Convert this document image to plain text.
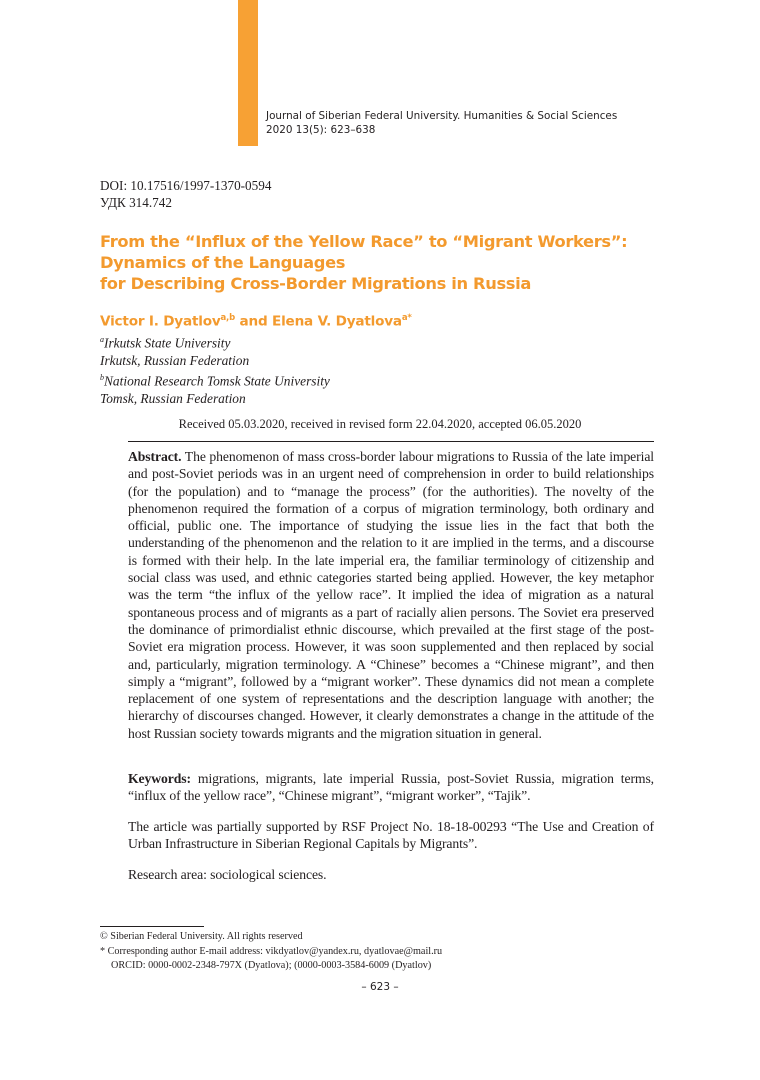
Journal of Siberian Federal University. Humanities & Social Sciences
2020 13(5): 623–638
DOI: 10.17516/1997-1370-0594
УДК 314.742
From the “Influx of the Yellow Race” to “Migrant Workers”:
Dynamics of the Languages
for Describing Cross-Border Migrations in Russia
Victor I. Dyatlov$^{a,b}$ and Elena V. Dyatlova$^{a*}$
$^a$Irkutsk State University
Irkutsk, Russian Federation
$^b$National Research Tomsk State University
Tomsk, Russian Federation
Received 05.03.2020, received in revised form 22.04.2020, accepted 06.05.2020

Abstract. The phenomenon of mass cross-border labour migrations to Russia of the late imperial and post-Soviet periods was in an urgent need of comprehension in order to build relationships (for the population) and to “manage the process” (for the authorities). The novelty of the phenomenon required the formation of a corpus of migration terminology, both ordinary and official, public one. The importance of studying the issue lies in the fact that both the understanding of the phenomenon and the relation to it are implied in the terms, and a discourse is formed with their help. In the late imperial era, the familiar terminology of citizenship and social class was used, and ethnic categories started being applied. However, the key metaphor was the term “the influx of the yellow race”. It implied the idea of migration as a natural spontaneous process and of migrants as a part of racially alien persons. The Soviet era preserved the dominance of primordialist ethnic discourse, which prevailed at the first stage of the post-Soviet era migration process. However, it was soon supplemented and then replaced by social and, particularly, migration terminology. A “Chinese” becomes a “Chinese migrant”, and then simply a “migrant”, followed by a “migrant worker”. These dynamics did not mean a complete replacement of one system of representations and the description language with another; the hierarchy of discourses changed. However, it clearly demonstrates a change in the attitude of the host Russian society towards migrants and the migration situation in general.

Keywords: migrations, migrants, late imperial Russia, post-Soviet Russia, migration terms, “influx of the yellow race”, “Chinese migrant”, “migrant worker”, “Tajik”.

The article was partially supported by RSF Project No. 18-18-00293 “The Use and Creation of Urban Infrastructure in Siberian Regional Capitals by Migrants”.

Research area: sociological sciences.

© Siberian Federal University. All rights reserved
* Corresponding author E-mail address: vikdyatlov@yandex.ru, dyatlovae@mail.ru
ORCID: 0000-0002-2348-797X (Dyatlova); (0000-0003-3584-6009 (Dyatlov)
– 623 –
